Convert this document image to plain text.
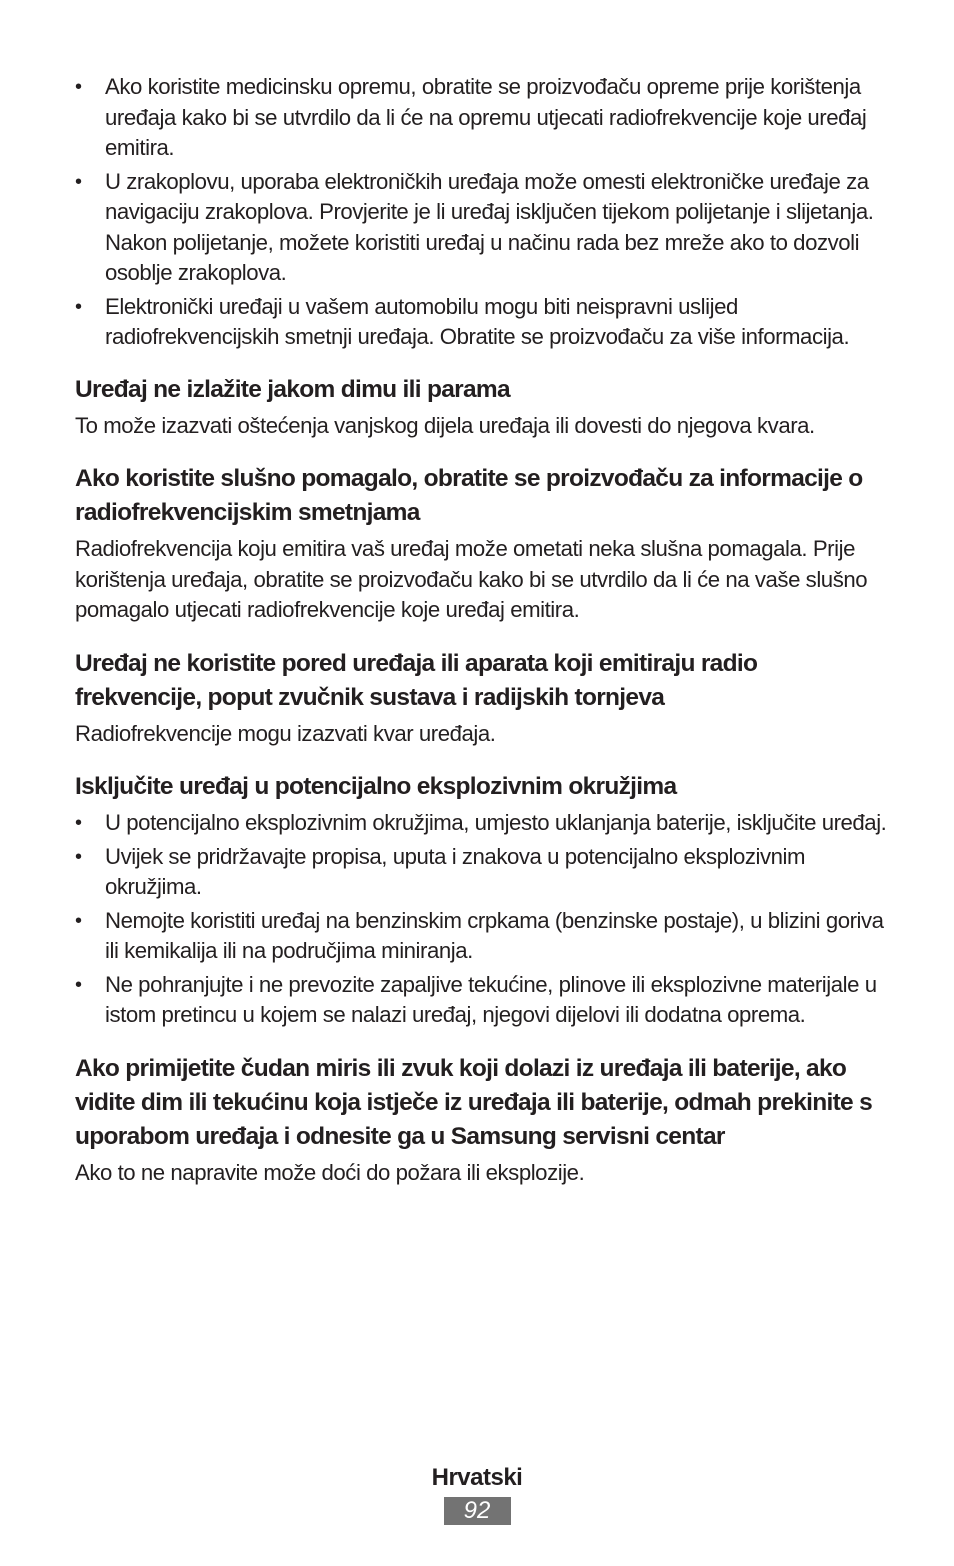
• Ako koristite medicinsku opremu, obratite se proizvođaču opreme prije korištenja uređaja kako bi se utvrdilo da li će na opremu utjecati radiofrekvencije koje uređaj emitira.
• U zrakoplovu, uporaba elektroničkih uređaja može omesti elektroničke uređaje za navigaciju zrakoplova. Provjerite je li uređaj isključen tijekom polijetanje i slijetanja. Nakon polijetanje, možete koristiti uređaj u načinu rada bez mreže ako to dozvoli osoblje zrakoplova.
• Elektronički uređaji u vašem automobilu mogu biti neispravni uslijed radiofrekvencijskih smetnji uređaja. Obratite se proizvođaču za više informacija.
Uređaj ne izlažite jakom dimu ili parama

To može izazvati oštećenja vanjskog dijela uređaja ili dovesti do njegova kvara.

Ako koristite slušno pomagalo, obratite se proizvođaču za informacije o radiofrekvencijskim smetnjama

Radiofrekvencija koju emitira vaš uređaj može ometati neka slušna pomagala. Prije korištenja uređaja, obratite se proizvođaču kako bi se utvrdilo da li će na vaše slušno pomagalo utjecati radiofrekvencije koje uređaj emitira.

Uređaj ne koristite pored uređaja ili aparata koji emitiraju radio frekvencije, poput zvučnik sustava i radijskih tornjeva

Radiofrekvencije mogu izazvati kvar uređaja.

Isključite uređaj u potencijalno eksplozivnim okružjima
• U potencijalno eksplozivnim okružjima, umjesto uklanjanja baterije, isključite uređaj.
• Uvijek se pridržavajte propisa, uputa i znakova u potencijalno eksplozivnim okružjima.
• Nemojte koristiti uređaj na benzinskim crpkama (benzinske postaje), u blizini goriva ili kemikalija ili na područjima miniranja.
• Ne pohranjujte i ne prevozite zapaljive tekućine, plinove ili eksplozivne materijale u istom pretincu u kojem se nalazi uređaj, njegovi dijelovi ili dodatna oprema.
Ako primijetite čudan miris ili zvuk koji dolazi iz uređaja ili baterije, ako vidite dim ili tekućinu koja istječe iz uređaja ili baterije, odmah prekinite s uporabom uređaja i odnesite ga u Samsung servisni centar

Ako to ne napravite može doći do požara ili eksplozije.

Hrvatski
92
